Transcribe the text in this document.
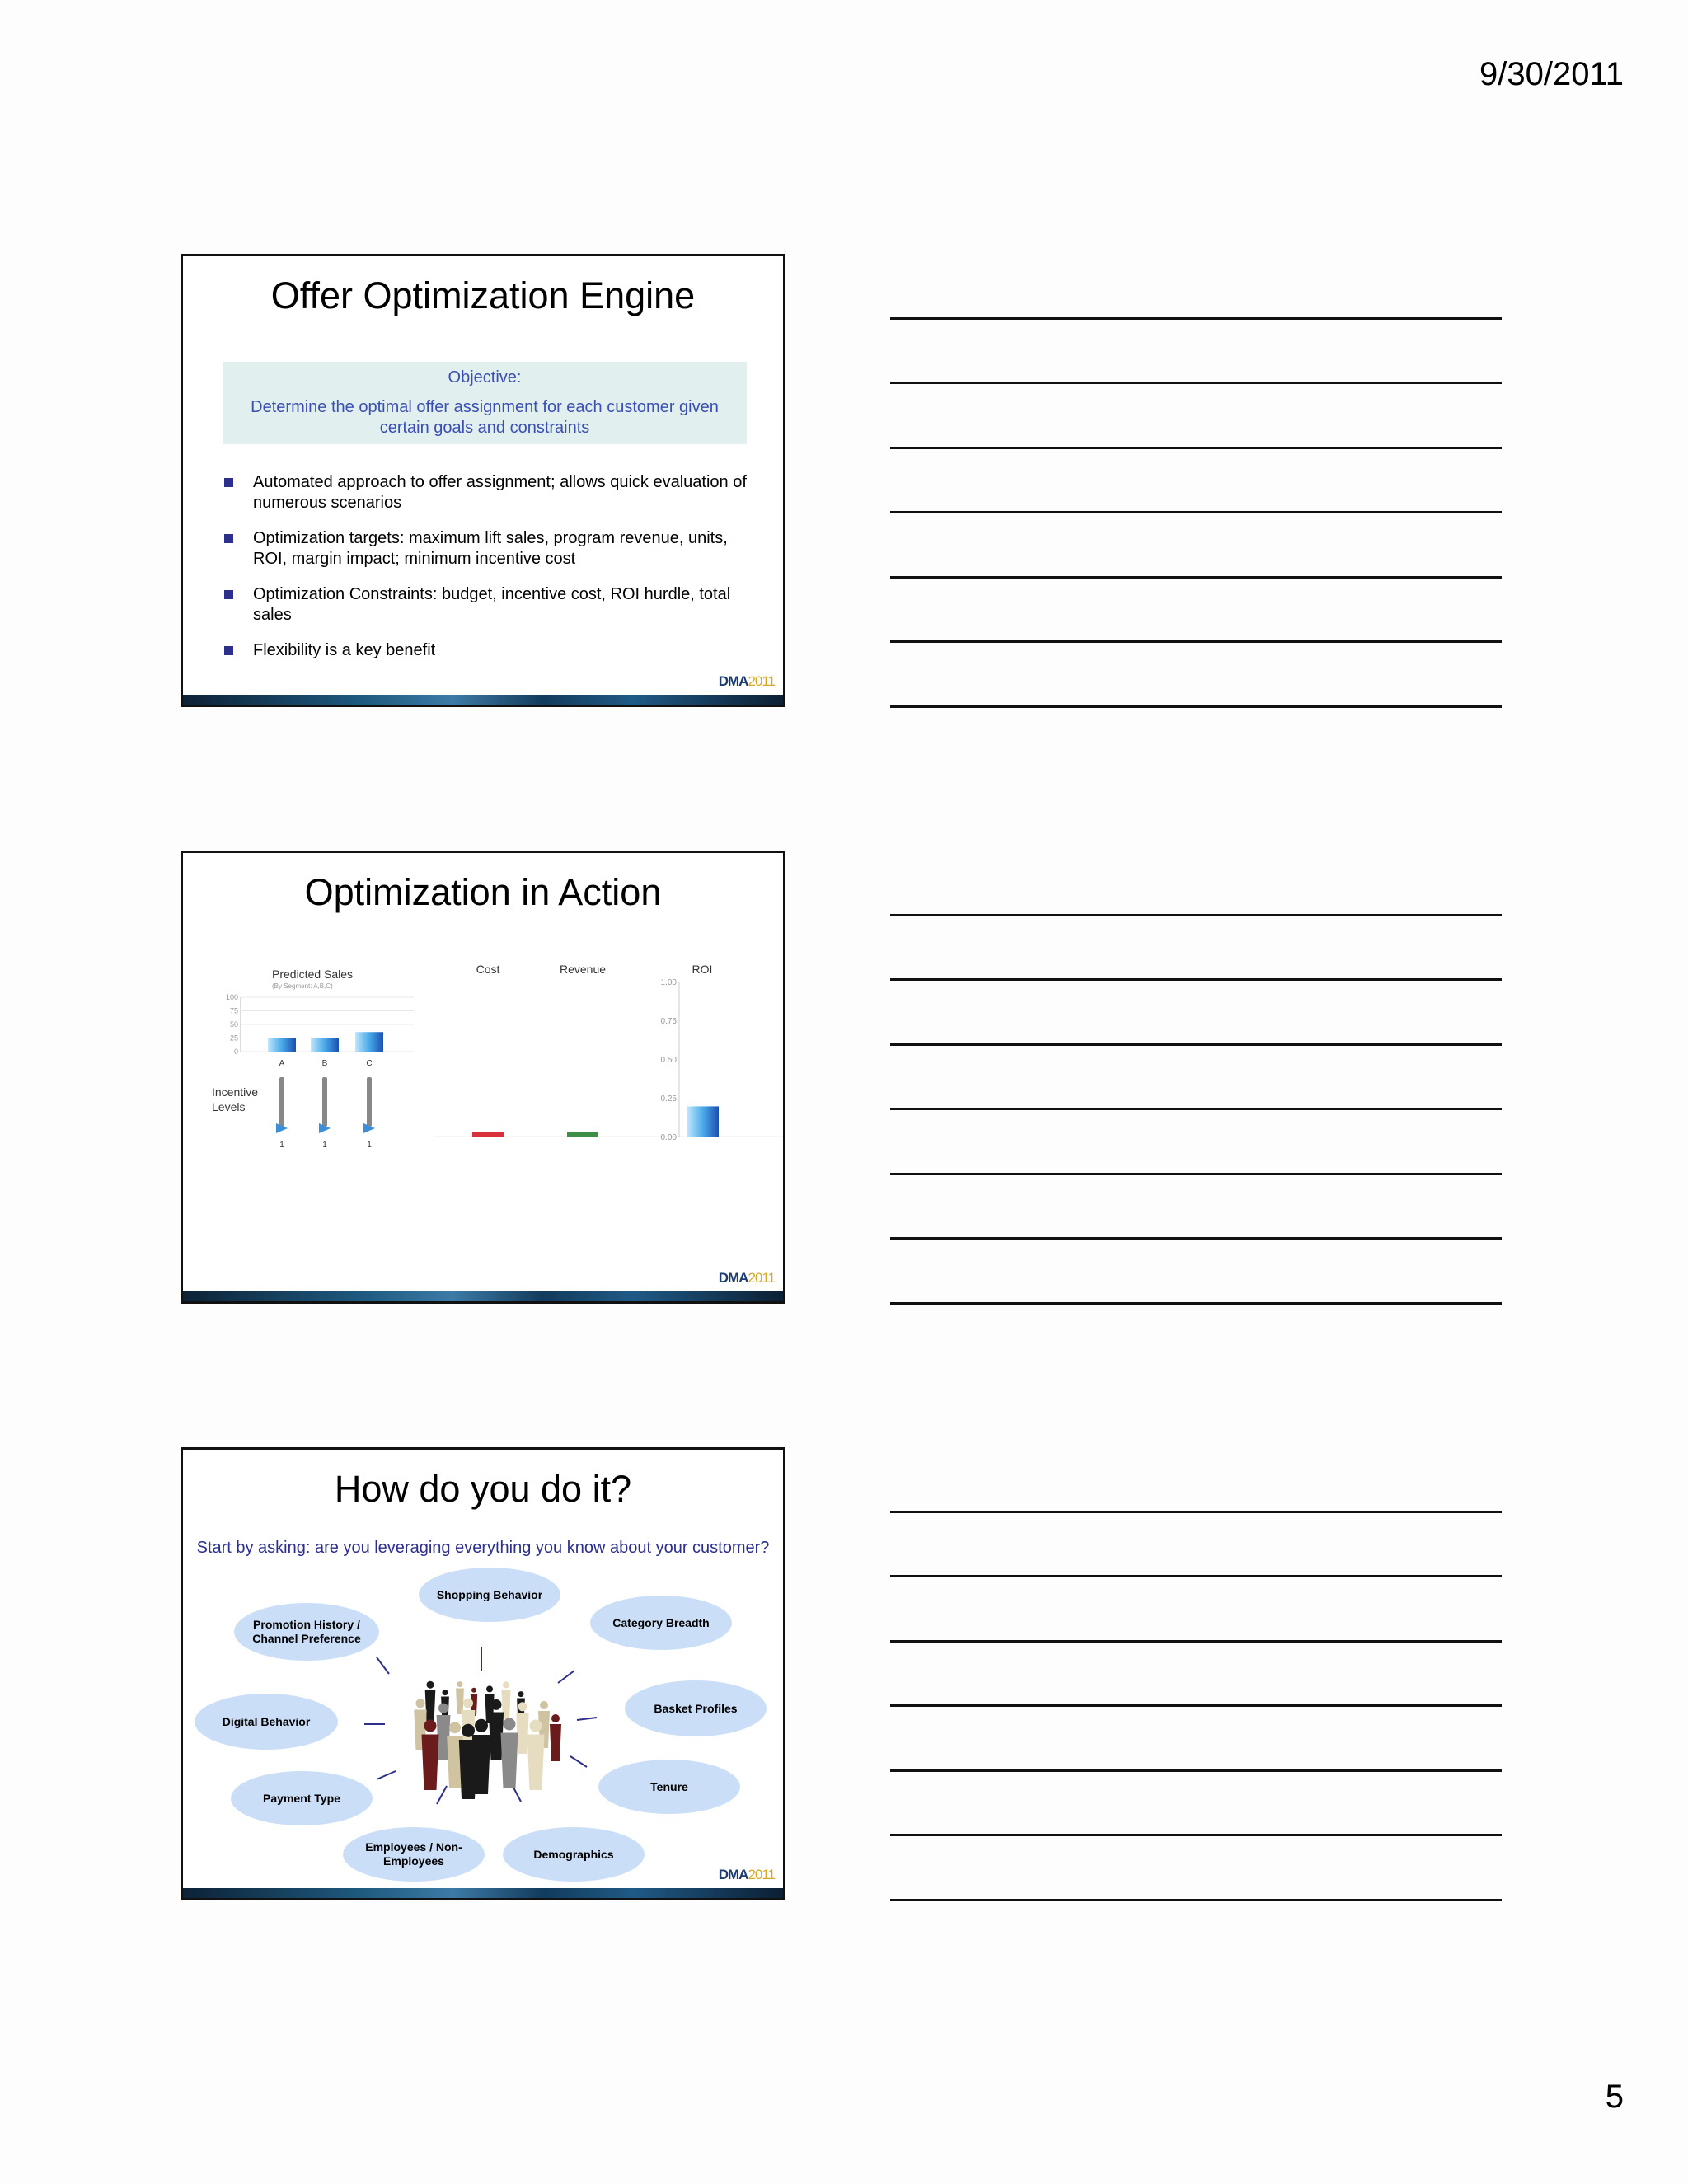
9/30/2011
Offer Optimization Engine
Objective:
Determine the optimal offer assignment for each customer given certain goals and constraints
Automated approach to offer assignment; allows quick evaluation of numerous scenarios
Optimization targets: maximum lift sales, program revenue, units, ROI, margin impact; minimum incentive cost
Optimization Constraints: budget, incentive cost, ROI hurdle, total sales
Flexibility is a key benefit
DMA2011
Optimization in Action
Predicted Sales
(By Segment: A,B,C)
100
75
50
25
0
A
1
B
1
C
1
Incentive
Levels
Cost	Revenue	ROI
1.00
0.75
0.50
0.25
0.00
DMA2011
How do you do it?
Start by asking: are you leveraging everything you know about your customer?
Shopping Behavior
Category Breadth
Promotion History / Channel Preference
Digital Behavior
Basket Profiles
Payment Type
Tenure
Employees / Non-Employees
Demographics
DMA2011
5
